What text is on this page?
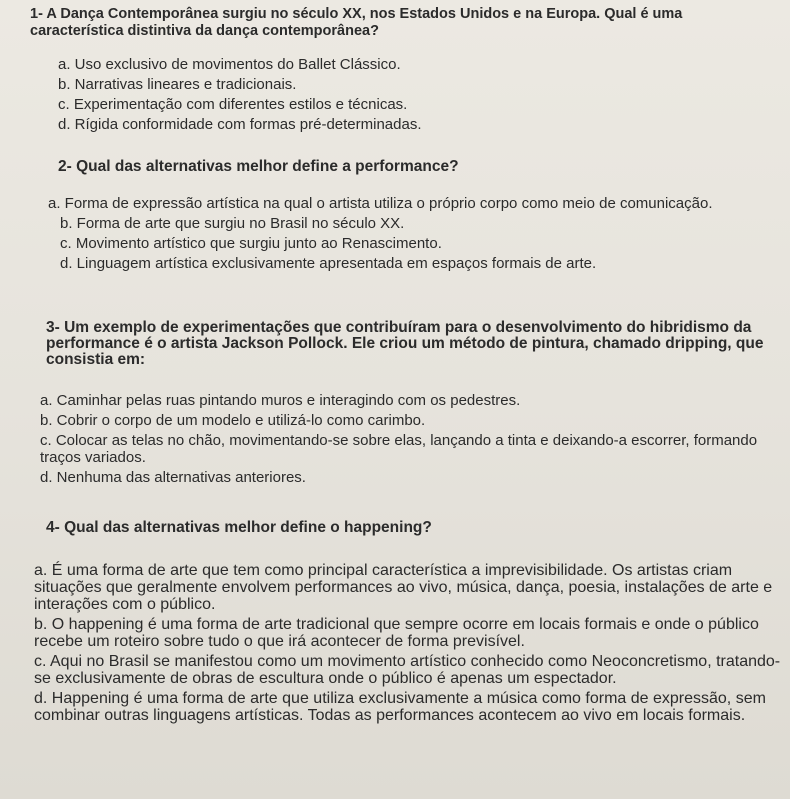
1- A Dança Contemporânea surgiu no século XX, nos Estados Unidos e na Europa. Qual é uma característica distintiva da dança contemporânea?

a. Uso exclusivo de movimentos do Ballet Clássico.

b. Narrativas lineares e tradicionais.

c. Experimentação com diferentes estilos e técnicas.

d. Rígida conformidade com formas pré-determinadas.

2- Qual das alternativas melhor define a performance?

a. Forma de expressão artística na qual o artista utiliza o próprio corpo como meio de comunicação.

b. Forma de arte que surgiu no Brasil no século XX.

c. Movimento artístico que surgiu junto ao Renascimento.

d. Linguagem artística exclusivamente apresentada em espaços formais de arte.

3- Um exemplo de experimentações que contribuíram para o desenvolvimento do hibridismo da performance é o artista Jackson Pollock. Ele criou um método de pintura, chamado dripping, que consistia em:

a. Caminhar pelas ruas pintando muros e interagindo com os pedestres.

b. Cobrir o corpo de um modelo e utilizá-lo como carimbo.

c. Colocar as telas no chão, movimentando-se sobre elas, lançando a tinta e deixando-a escorrer, formando traços variados.

d. Nenhuma das alternativas anteriores.

4- Qual das alternativas melhor define o happening?

a. É uma forma de arte que tem como principal característica a imprevisibilidade. Os artistas criam situações que geralmente envolvem performances ao vivo, música, dança, poesia, instalações de arte e interações com o público.

b. O happening é uma forma de arte tradicional que sempre ocorre em locais formais e onde o público recebe um roteiro sobre tudo o que irá acontecer de forma previsível.

c. Aqui no Brasil se manifestou como um movimento artístico conhecido como Neoconcretismo, tratando-se exclusivamente de obras de escultura onde o público é apenas um espectador.

d. Happening é uma forma de arte que utiliza exclusivamente a música como forma de expressão, sem combinar outras linguagens artísticas. Todas as performances acontecem ao vivo em locais formais.
